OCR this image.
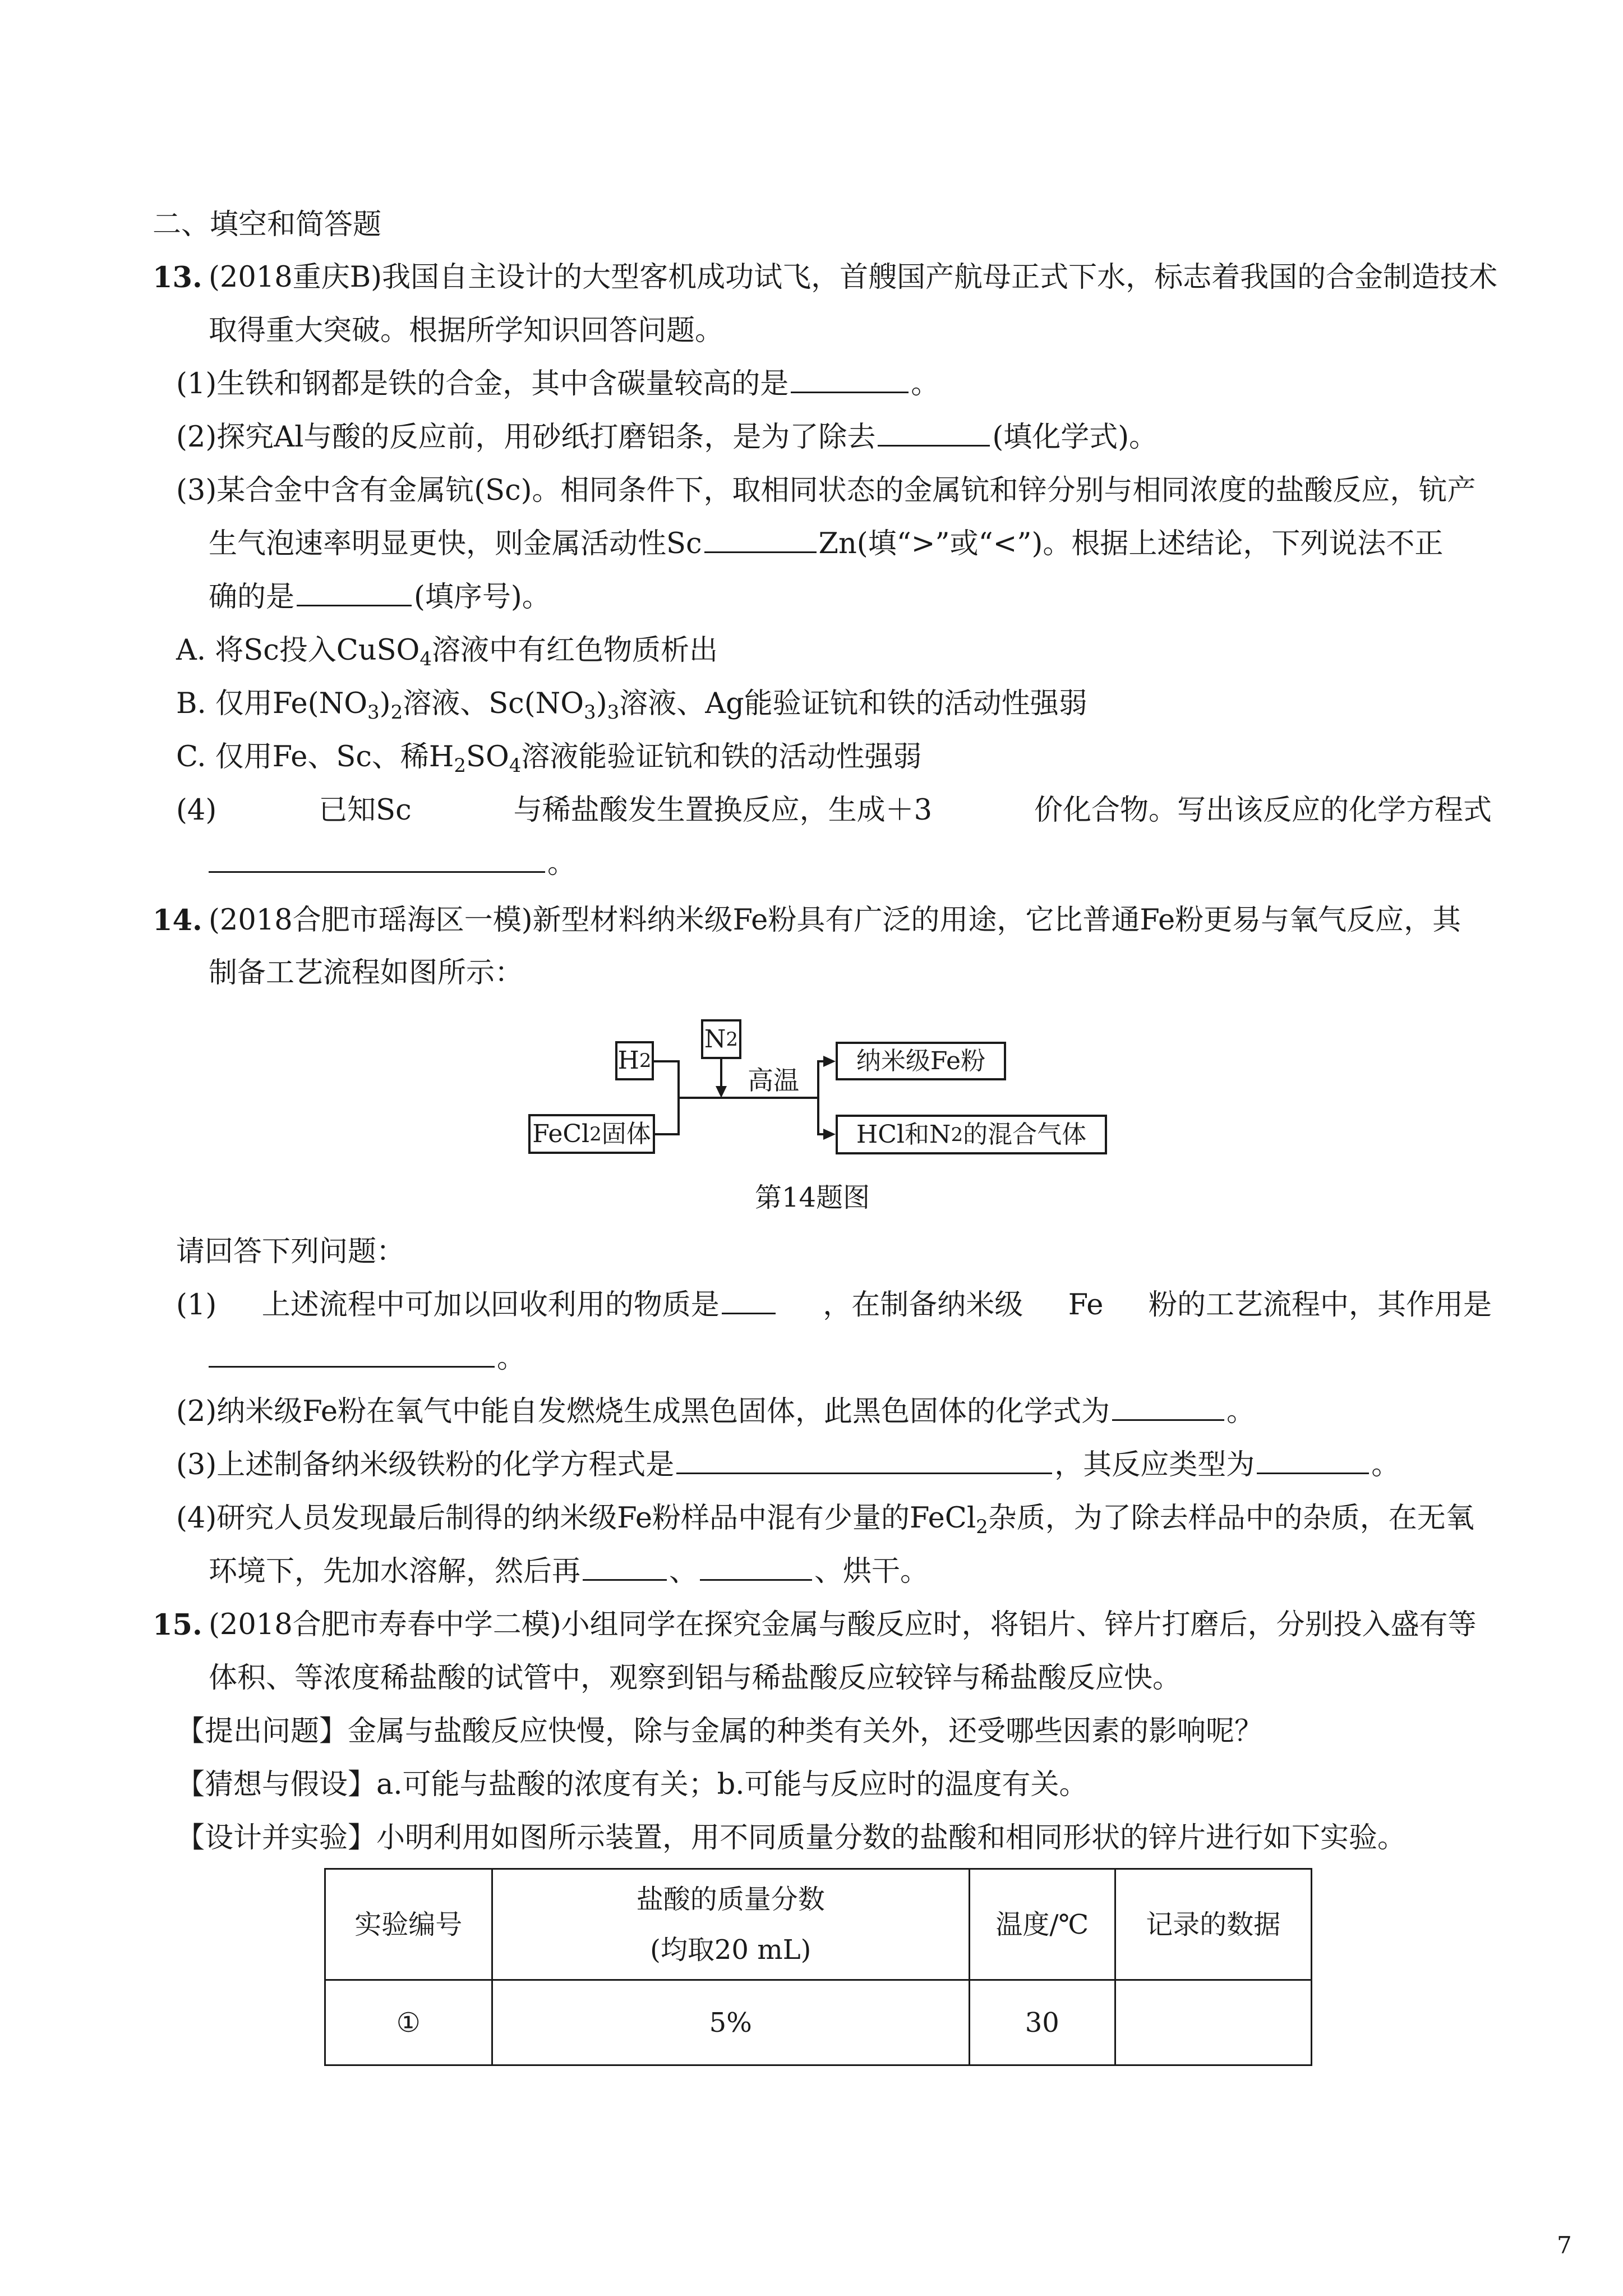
二、填空和简答题
13. (2018重庆B)我国自主设计的大型客机成功试飞，首艘国产航母正式下水，标志着我国的合金制造技术
取得重大突破。根据所学知识回答问题。
(1)生铁和钢都是铁的合金，其中含碳量较高的是	。
(2)探究Al与酸的反应前，用砂纸打磨铝条，是为了除去	(填化学式)。
(3)某合金中含有金属钪(Sc)。相同条件下，取相同状态的金属钪和锌分别与相同浓度的盐酸反应，钪产
生气泡速率明显更快，则金属活动性Sc	Zn(填“>”或“<”)。根据上述结论，下列说法不正
确的是	(填序号)。
A. 将Sc投入CuSO$_4$溶液中有红色物质析出
B. 仅用$Fe(NO_3)_2$溶液、$Sc(NO_3)_3$溶液、Ag能验证钪和铁的活动性强弱
C. 仅用Fe、Sc、稀$H_2SO_4$溶液能验证钪和铁的活动性强弱
(4)	已知Sc	与稀盐酸发生置换反应，生成＋3	价化合物。写出该反应的化学方程式
。
14. (2018合肥市瑶海区一模)新型材料纳米级Fe粉具有广泛的用途，它比普通Fe粉更易与氧气反应，其
制备工艺流程如图所示：
H 2
N 2
FeCl 2 固体
纳米级Fe粉
HCl和N 2 的混合气体
高温
第14题图
请回答下列问题：
(1) 上述流程中可加以回收利用的物质是	，在制备纳米级 Fe 粉的工艺流程中，其作用是
。
(2)纳米级Fe粉在氧气中能自发燃烧生成黑色固体，此黑色固体的化学式为	。
(3)上述制备纳米级铁粉的化学方程式是	，其反应类型为	。
(4)研究人员发现最后制得的纳米级Fe粉样品中混有少量的FeCl$_2$杂质，为了除去样品中的杂质，在无氧
环境下，先加水溶解，然后再	、	、烘干。
15. (2018合肥市寿春中学二模)小组同学在探究金属与酸反应时，将铝片、锌片打磨后，分别投入盛有等
体积、等浓度稀盐酸的试管中，观察到铝与稀盐酸反应较锌与稀盐酸反应快。
【提出问题】金属与盐酸反应快慢，除与金属的种类有关外，还受哪些因素的影响呢？
【猜想与假设】a.可能与盐酸的浓度有关；b.可能与反应时的温度有关。
【设计并实验】小明利用如图所示装置，用不同质量分数的盐酸和相同形状的锌片进行如下实验。
实验编号	盐酸的质量分数
(均取20 mL)	温度/℃	记录的数据
①	5%	30	
7
